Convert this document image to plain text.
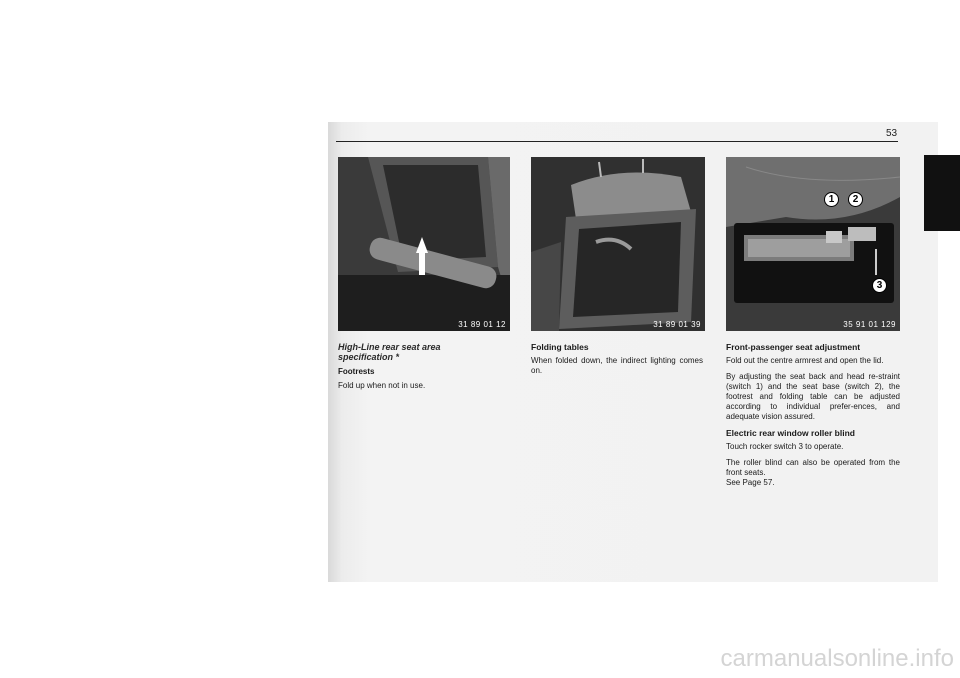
53
31 89 01 12	31 89 01 39
1	2
3
35 91 01 129
High-Line rear seat area
specification *
Footrests

Fold up when not in use.

Folding tables

When folded down, the indirect lighting comes on.

Front-passenger seat adjustment

Fold out the centre armrest and open the lid.

By adjusting the seat back and head re-straint (switch 1) and the seat base (switch 2), the footrest and folding table can be adjusted according to individual prefer-ences, and adequate vision assured.

Electric rear window roller blind

Touch rocker switch 3 to operate.

The roller blind can also be operated from the front seats.

See Page 57.

carmanualsonline.info
